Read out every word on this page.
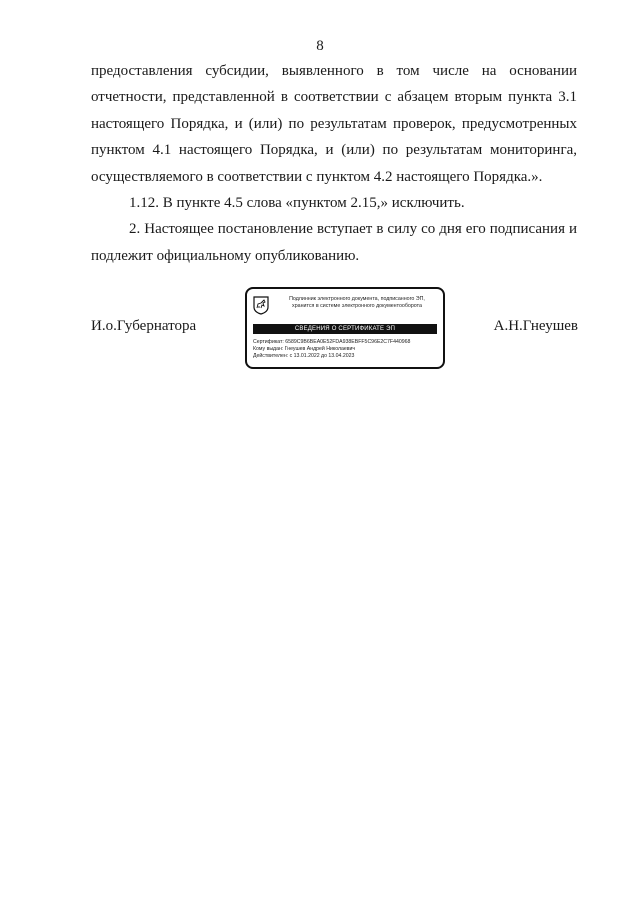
8

предоставления субсидии, выявленного в том числе на основании отчетности, представленной в соответствии с абзацем вторым пункта 3.1 настоящего Порядка, и (или) по результатам проверок, предусмотренных пунктом 4.1 настоящего Порядка, и (или) по результатам мониторинга, осуществляемого в соответствии с пунктом 4.2 настоящего Порядка.».

1.12. В пункте 4.5 слова «пунктом 2.15,» исключить.

2. Настоящее постановление вступает в силу со дня его подписания и подлежит официальному опубликованию.

И.о.Губернатора	А.Н.Гнеушев
Подлинник электронного документа, подписанного ЭП,
хранится в системе электронного документооборота
СВЕДЕНИЯ О СЕРТИФИКАТЕ ЭП
Сертификат: 6589C9B6BEA0E52FDA938EBFF5C96E2C7F440968
Кому выдан: Гнеушев Андрей Николаевич
Действителен: с 13.01.2022 до 13.04.2023
